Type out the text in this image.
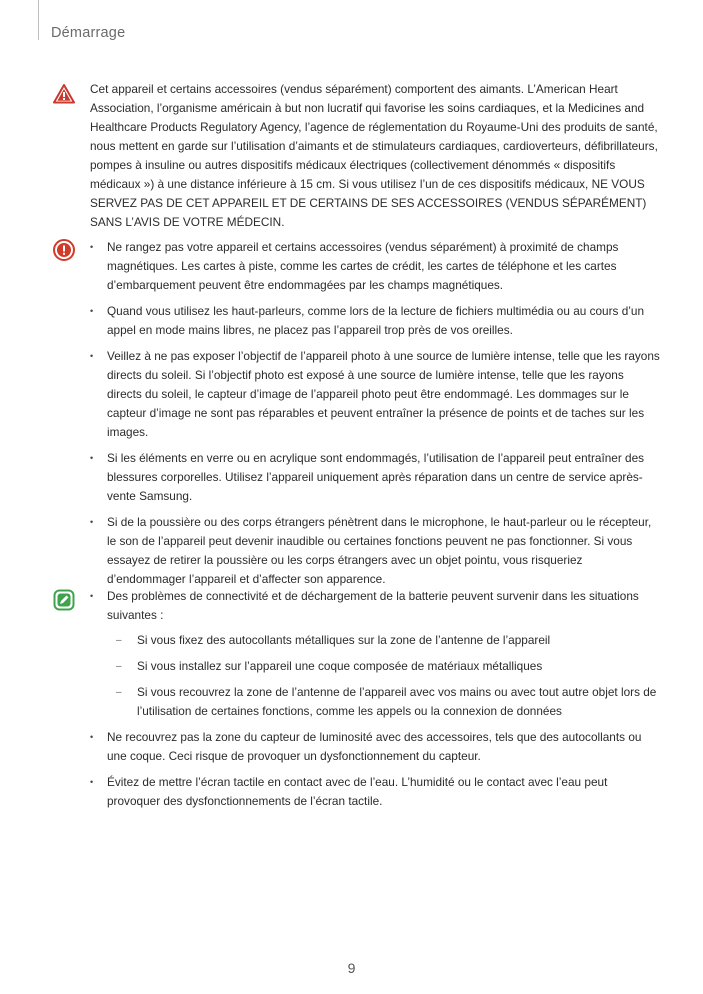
Démarrage

Cet appareil et certains accessoires (vendus séparément) comportent des aimants. L’American Heart Association, l’organisme américain à but non lucratif qui favorise les soins cardiaques, et la Medicines and Healthcare Products Regulatory Agency, l’agence de réglementation du Royaume-Uni des produits de santé, nous mettent en garde sur l’utilisation d’aimants et de stimulateurs cardiaques, cardioverteurs, défibrillateurs, pompes à insuline ou autres dispositifs médicaux électriques (collectivement dénommés « dispositifs médicaux ») à une distance inférieure à 15 cm. Si vous utilisez l’un de ces dispositifs médicaux, NE VOUS SERVEZ PAS DE CET APPAREIL ET DE CERTAINS DE SES ACCESSOIRES (VENDUS SÉPARÉMENT) SANS L’AVIS DE VOTRE MÉDECIN.

• Ne rangez pas votre appareil et certains accessoires (vendus séparément) à proximité de champs magnétiques. Les cartes à piste, comme les cartes de crédit, les cartes de téléphone et les cartes d’embarquement peuvent être endommagées par les champs magnétiques.
• Quand vous utilisez les haut-parleurs, comme lors de la lecture de fichiers multimédia ou au cours d’un appel en mode mains libres, ne placez pas l’appareil trop près de vos oreilles.
• Veillez à ne pas exposer l’objectif de l’appareil photo à une source de lumière intense, telle que les rayons directs du soleil. Si l’objectif photo est exposé à une source de lumière intense, telle que les rayons directs du soleil, le capteur d’image de l’appareil photo peut être endommagé. Les dommages sur le capteur d’image ne sont pas réparables et peuvent entraîner la présence de points et de taches sur les images.
• Si les éléments en verre ou en acrylique sont endommagés, l’utilisation de l’appareil peut entraîner des blessures corporelles. Utilisez l’appareil uniquement après réparation dans un centre de service après-vente Samsung.
• Si de la poussière ou des corps étrangers pénètrent dans le microphone, le haut-parleur ou le récepteur, le son de l’appareil peut devenir inaudible ou certaines fonctions peuvent ne pas fonctionner. Si vous essayez de retirer la poussière ou les corps étrangers avec un objet pointu, vous risqueriez d’endommager l’appareil et d’affecter son apparence.
• Des problèmes de connectivité et de déchargement de la batterie peuvent survenir dans les situations suivantes :
– Si vous fixez des autocollants métalliques sur la zone de l’antenne de l’appareil
– Si vous installez sur l’appareil une coque composée de matériaux métalliques
– Si vous recouvrez la zone de l’antenne de l’appareil avec vos mains ou avec tout autre objet lors de l’utilisation de certaines fonctions, comme les appels ou la connexion de données
• Ne recouvrez pas la zone du capteur de luminosité avec des accessoires, tels que des autocollants ou une coque. Ceci risque de provoquer un dysfonctionnement du capteur.
• Évitez de mettre l’écran tactile en contact avec de l’eau. L’humidité ou le contact avec l’eau peut provoquer des dysfonctionnements de l’écran tactile.
9
